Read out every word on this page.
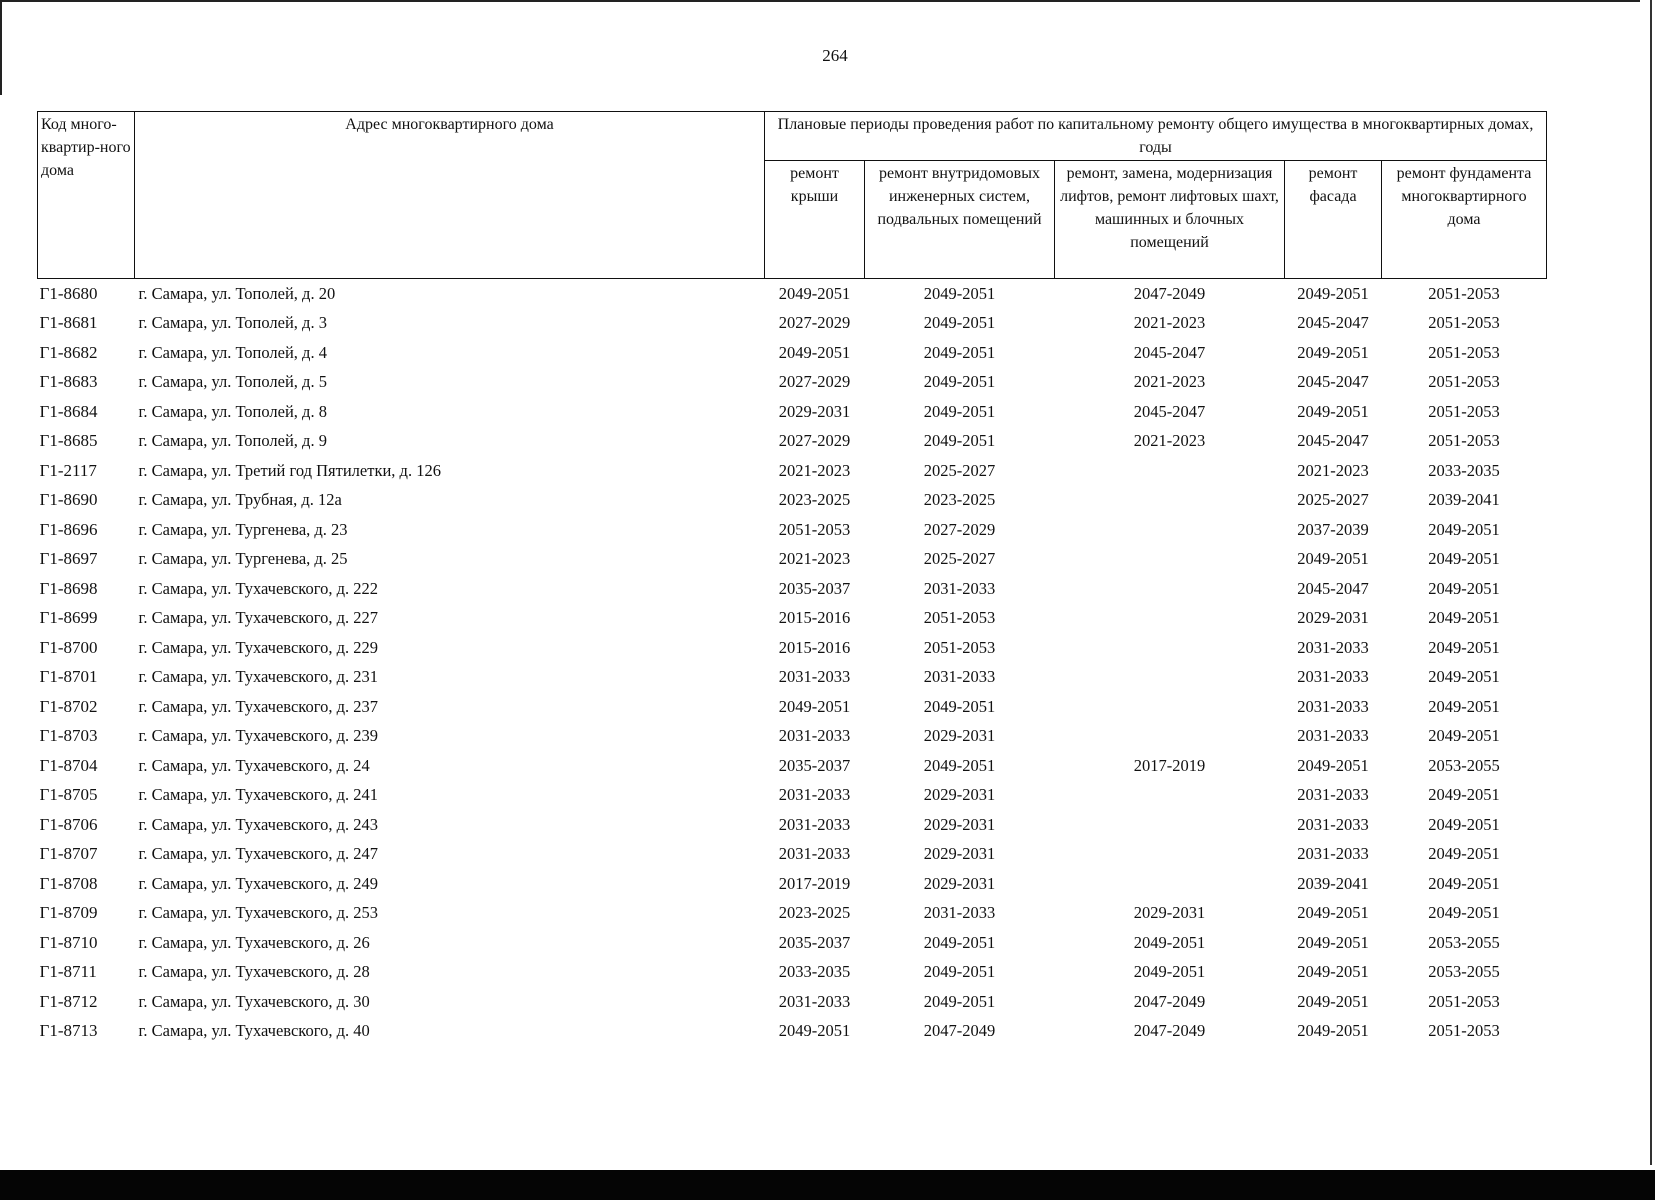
264
Код много-квартир-ного дома	Адрес многоквартирного дома	Плановые периоды проведения работ по капитальному ремонту общего имущества в многоквартирных домах, годы				
		ремонт крыши	ремонт внутридомовых инженерных систем, подвальных помещений	ремонт, замена, модернизация лифтов, ремонт лифтовых шахт, машинных и блочных помещений	ремонт фасада	ремонт фундамента многоквартирного дома
Г1-8680	г. Самара, ул. Тополей, д. 20	2049-2051	2049-2051	2047-2049	2049-2051	2051-2053
Г1-8681	г. Самара, ул. Тополей, д. 3	2027-2029	2049-2051	2021-2023	2045-2047	2051-2053
Г1-8682	г. Самара, ул. Тополей, д. 4	2049-2051	2049-2051	2045-2047	2049-2051	2051-2053
Г1-8683	г. Самара, ул. Тополей, д. 5	2027-2029	2049-2051	2021-2023	2045-2047	2051-2053
Г1-8684	г. Самара, ул. Тополей, д. 8	2029-2031	2049-2051	2045-2047	2049-2051	2051-2053
Г1-8685	г. Самара, ул. Тополей, д. 9	2027-2029	2049-2051	2021-2023	2045-2047	2051-2053
Г1-2117	г. Самара, ул. Третий год Пятилетки, д. 126	2021-2023	2025-2027		2021-2023	2033-2035
Г1-8690	г. Самара, ул. Трубная, д. 12а	2023-2025	2023-2025		2025-2027	2039-2041
Г1-8696	г. Самара, ул. Тургенева, д. 23	2051-2053	2027-2029		2037-2039	2049-2051
Г1-8697	г. Самара, ул. Тургенева, д. 25	2021-2023	2025-2027		2049-2051	2049-2051
Г1-8698	г. Самара, ул. Тухачевского, д. 222	2035-2037	2031-2033		2045-2047	2049-2051
Г1-8699	г. Самара, ул. Тухачевского, д. 227	2015-2016	2051-2053		2029-2031	2049-2051
Г1-8700	г. Самара, ул. Тухачевского, д. 229	2015-2016	2051-2053		2031-2033	2049-2051
Г1-8701	г. Самара, ул. Тухачевского, д. 231	2031-2033	2031-2033		2031-2033	2049-2051
Г1-8702	г. Самара, ул. Тухачевского, д. 237	2049-2051	2049-2051		2031-2033	2049-2051
Г1-8703	г. Самара, ул. Тухачевского, д. 239	2031-2033	2029-2031		2031-2033	2049-2051
Г1-8704	г. Самара, ул. Тухачевского, д. 24	2035-2037	2049-2051	2017-2019	2049-2051	2053-2055
Г1-8705	г. Самара, ул. Тухачевского, д. 241	2031-2033	2029-2031		2031-2033	2049-2051
Г1-8706	г. Самара, ул. Тухачевского, д. 243	2031-2033	2029-2031		2031-2033	2049-2051
Г1-8707	г. Самара, ул. Тухачевского, д. 247	2031-2033	2029-2031		2031-2033	2049-2051
Г1-8708	г. Самара, ул. Тухачевского, д. 249	2017-2019	2029-2031		2039-2041	2049-2051
Г1-8709	г. Самара, ул. Тухачевского, д. 253	2023-2025	2031-2033	2029-2031	2049-2051	2049-2051
Г1-8710	г. Самара, ул. Тухачевского, д. 26	2035-2037	2049-2051	2049-2051	2049-2051	2053-2055
Г1-8711	г. Самара, ул. Тухачевского, д. 28	2033-2035	2049-2051	2049-2051	2049-2051	2053-2055
Г1-8712	г. Самара, ул. Тухачевского, д. 30	2031-2033	2049-2051	2047-2049	2049-2051	2051-2053
Г1-8713	г. Самара, ул. Тухачевского, д. 40	2049-2051	2047-2049	2047-2049	2049-2051	2051-2053
